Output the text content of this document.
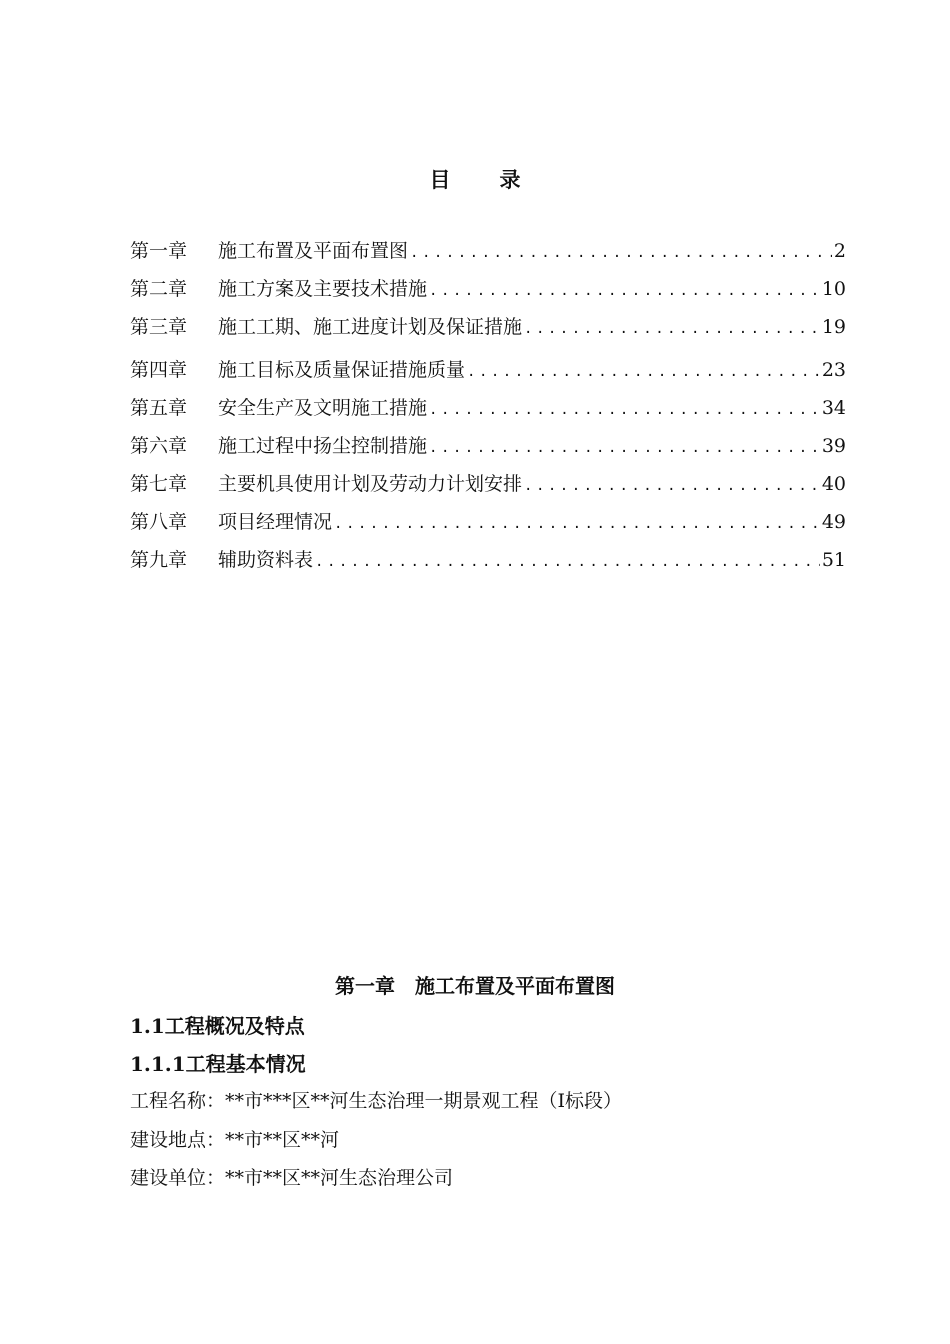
目　录
第一章	施工布置及平面布置图 .....	2
第二章	施工方案及主要技术措施 .....	10
第三章	施工工期、施工进度计划及保证措施 .....	19
第四章	施工目标及质量保证措施质量 .....	23
第五章	安全生产及文明施工措施 .....	34
第六章	施工过程中扬尘控制措施 .....	39
第七章	主要机具使用计划及劳动力计划安排 .....	40
第八章	项目经理情况 .....	49
第九章	辅助资料表 .....	51
第一章　施工布置及平面布置图
1.1工程概况及特点
1.1.1工程基本情况
工程名称：**市***区**河生态治理一期景观工程（Ⅰ标段）
建设地点：**市**区**河
建设单位：**市**区**河生态治理公司
